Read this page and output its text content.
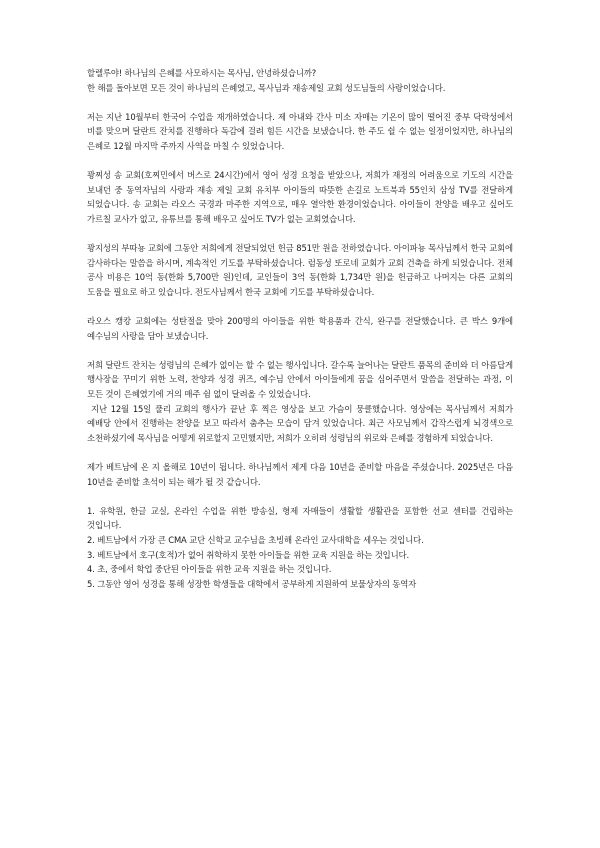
할렐루야! 하나님의 은혜를 사모하시는 목사님, 안녕하셨습니까?

한 해를 돌아보면 모든 것이 하나님의 은혜였고, 목사님과 재송제일 교회 성도님들의 사랑이었습니다.

저는 지난 10월부터 한국어 수업을 재개하였습니다. 제 아내와 간사 미소 자매는 기온이 많이 떨어진 중부 닥락성에서 비를 맞으며 달란트 잔치를 진행하다 독감에 걸려 힘든 시간을 보냈습니다. 한 주도 쉴 수 없는 일정이었지만, 하나님의 은혜로 12월 마지막 주까지 사역을 마칠 수 있었습니다.

꽝찌성 송 교회(호찌민에서 버스로 24시간)에서 영어 성경 요청을 받았으나, 저희가 재정의 어려움으로 기도의 시간을 보내던 중 동역자님의 사랑과 재송 제일 교회 유치부 아이들의 따뜻한 손길로 노트북과 55인치 삼성 TV를 전달하게 되었습니다. 송 교회는 라오스 국경과 마주한 지역으로, 매우 열악한 환경이었습니다. 아이들이 찬양을 배우고 싶어도 가르칠 교사가 없고, 유튜브를 통해 배우고 싶어도 TV가 없는 교회였습니다.

꽝지성의 부따뇽 교회에 그동안 저희에게 전달되었던 헌금 851만 원을 전하였습니다. 아이파뇽 목사님께서 한국 교회에 감사하다는 말씀을 하시며, 계속적인 기도를 부탁하셨습니다. 럼동성 또로네 교회가 교회 건축을 하게 되었습니다. 전체 공사 비용은 10억 동(한화 5,700만 원)인데, 교인들이 3억 동(한화 1,734만 원)을 헌금하고 나머지는 다른 교회의 도움을 필요로 하고 있습니다. 전도사님께서 한국 교회에 기도를 부탁하셨습니다.

라오스 캥캉 교회에는 성탄절을 맞아 200명의 아이들을 위한 학용품과 간식, 완구를 전달했습니다. 큰 박스 9개에 예수님의 사랑을 담아 보냈습니다.

저희 달란트 잔치는 성령님의 은혜가 없이는 할 수 없는 행사입니다. 갈수록 늘어나는 달란트 품목의 준비와 더 아름답게 행사장을 꾸미기 위한 노력, 찬양과 성경 퀴즈, 예수님 안에서 아이들에게 꿈을 심어주면서 말씀을 전달하는 과정, 이 모든 것이 은혜였기에 거의 매주 쉼 없이 달려올 수 있었습니다.

지난 12월 15일 풀리 교회의 행사가 끝난 후 찍은 영상을 보고 가슴이 뭉클했습니다. 영상에는 목사님께서 저희가 예배당 안에서 진행하는 찬양을 보고 따라서 춤추는 모습이 담겨 있었습니다. 최근 사모님께서 갑작스럽게 뇌경색으로 소천하셨기에 목사님을 어떻게 위로할지 고민했지만, 저희가 오히려 성령님의 위로와 은혜를 경험하게 되었습니다.

제가 베트남에 온 지 올해로 10년이 됩니다. 하나님께서 제게 다음 10년을 준비할 마음을 주셨습니다. 2025년은 다음 10년을 준비할 초석이 되는 해가 될 것 같습니다.

1. 유학원, 한글 교실, 온라인 수업을 위한 방송실, 형제 자매들이 생활할 생활관을 포함한 선교 센터를 건립하는 것입니다.

2. 베트남에서 가장 큰 CMA 교단 신학교 교수님을 초빙해 온라인 교사대학을 세우는 것입니다.

3. 베트남에서 호구(호적)가 없어 취학하지 못한 아이들을 위한 교육 지원을 하는 것입니다.

4. 초, 중에서 학업 중단된 아이들을 위한 교육 지원을 하는 것입니다.

5. 그동안 영어 성경을 통해 성장한 학생들을 대학에서 공부하게 지원하여 보물상자의 동역자
